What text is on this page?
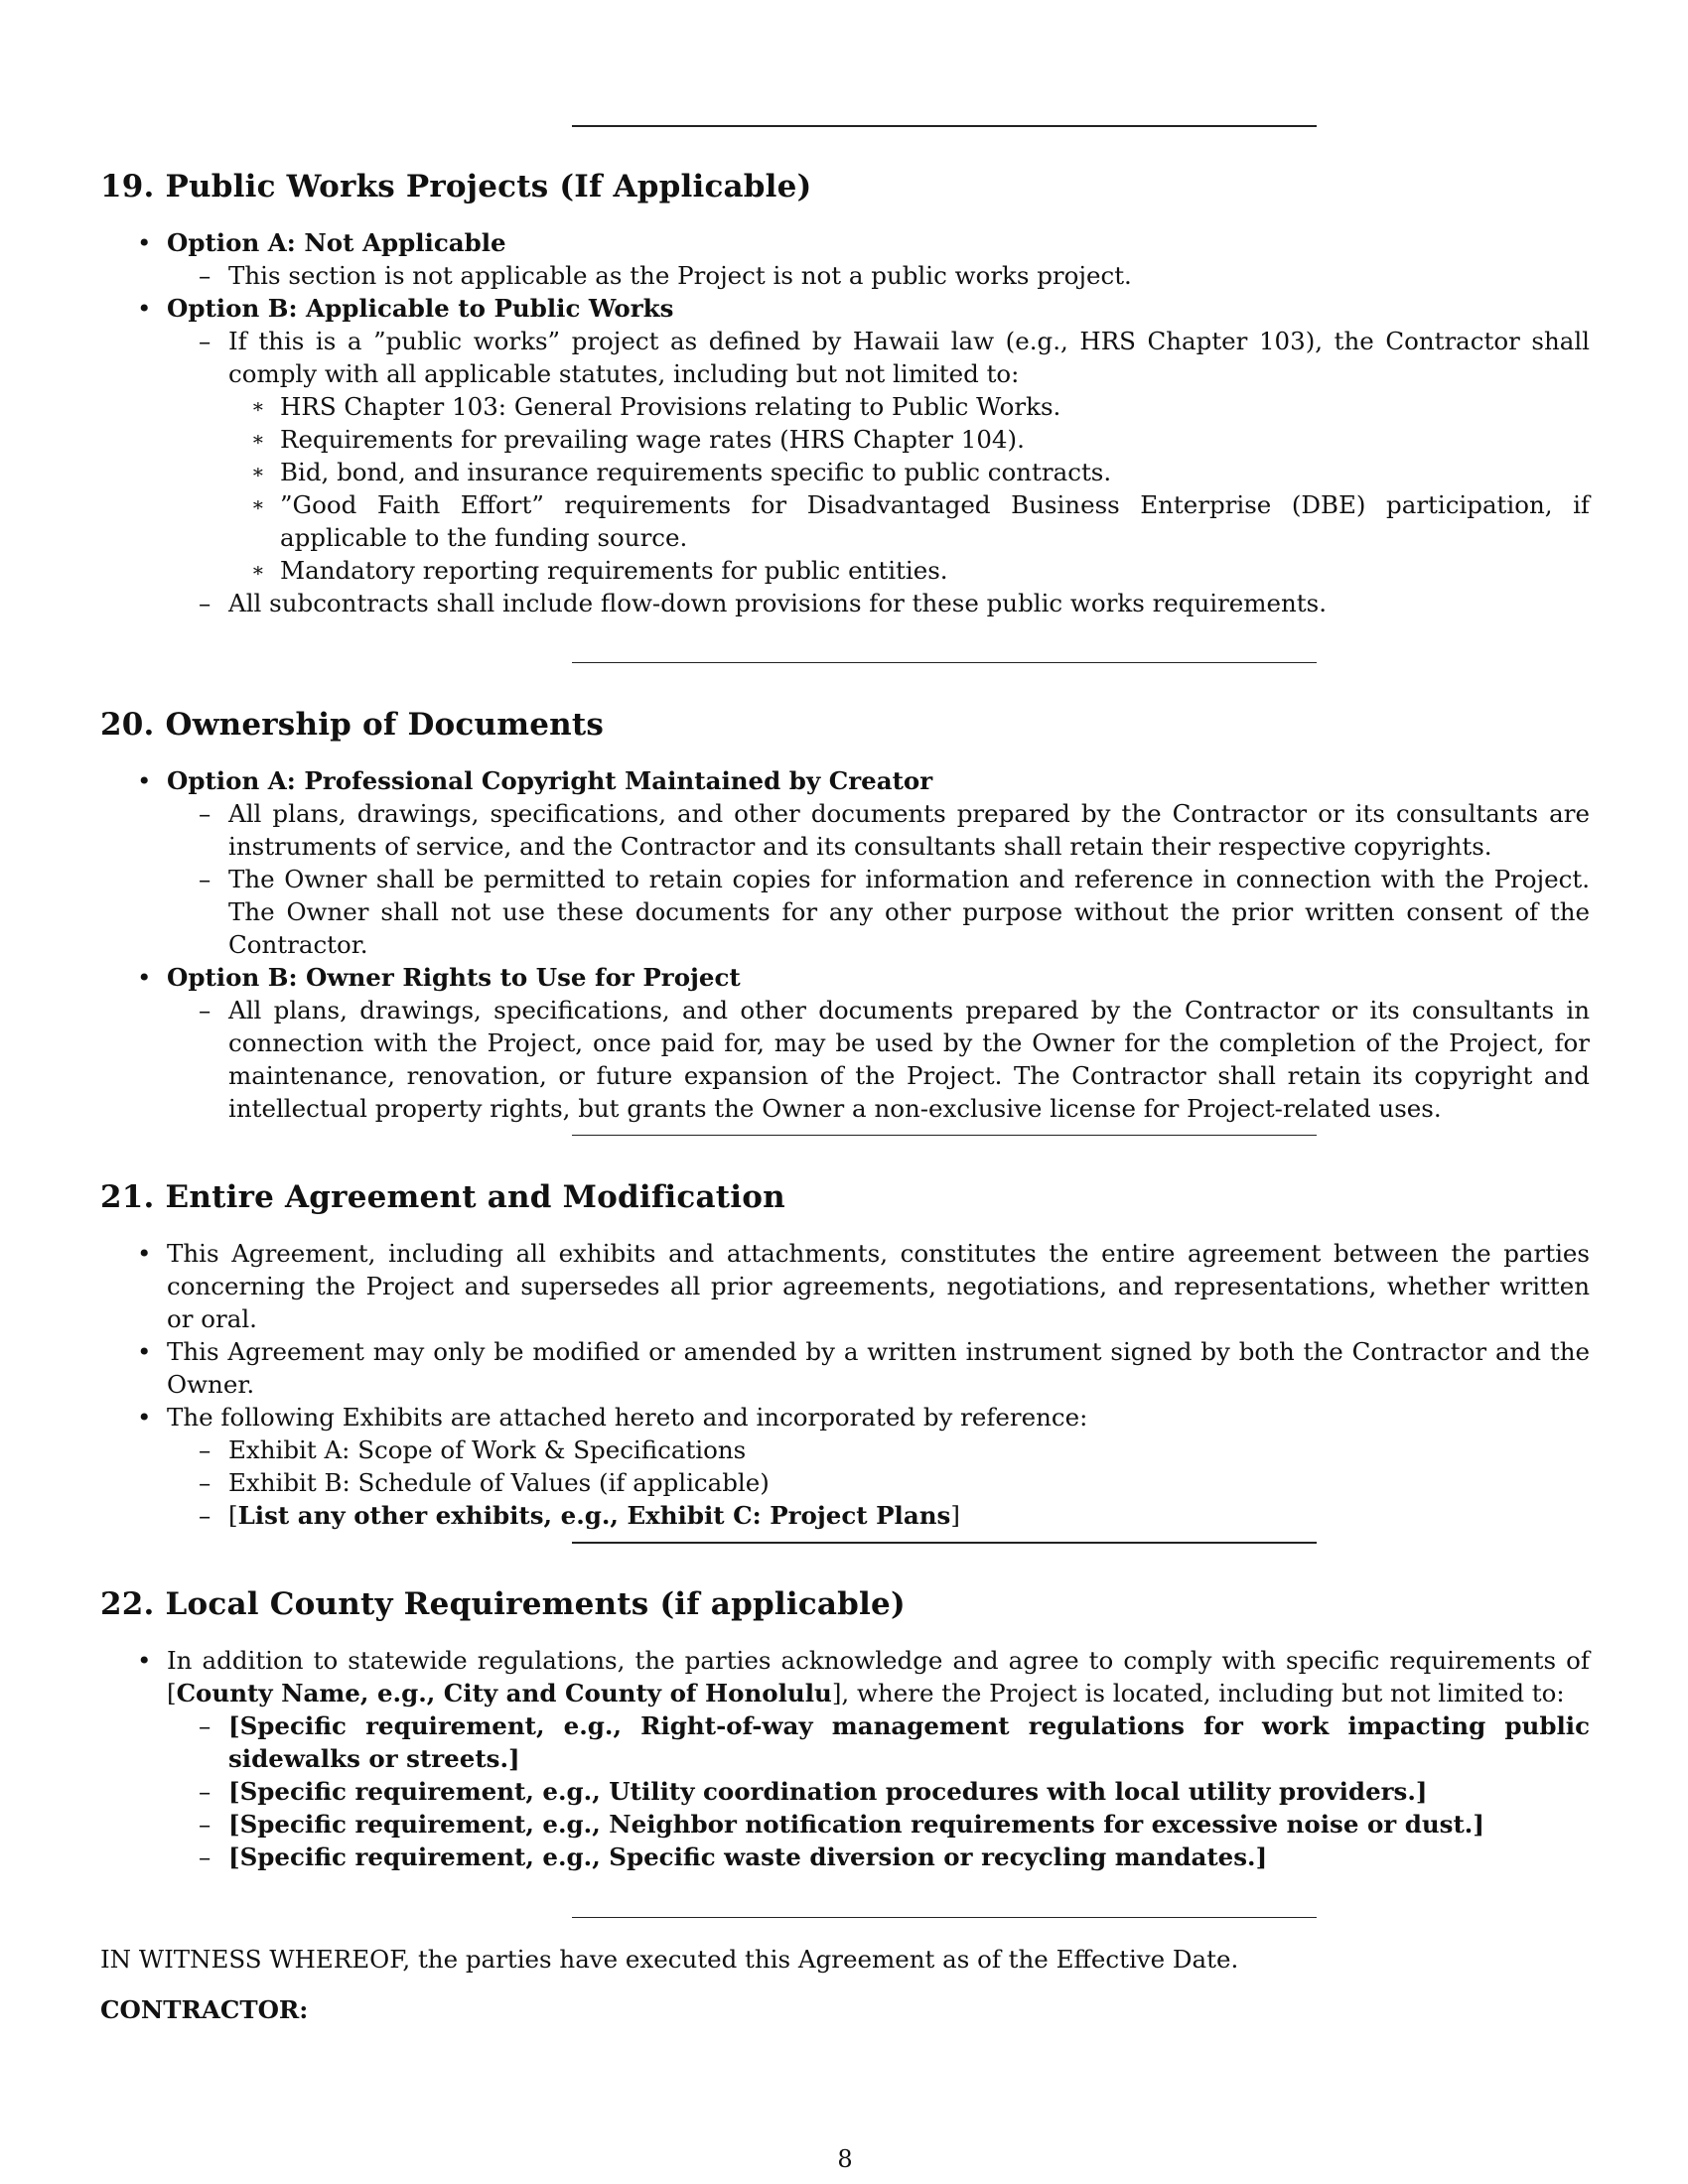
19. Public Works Projects (If Applicable)
• Option A: Not Applicable
– This section is not applicable as the Project is not a public works project.
• Option B: Applicable to Public Works
– If this is a ”public works” project as defined by Hawaii law (e.g., HRS Chapter 103), the Contractor shall comply with all applicable statutes, including but not limited to:
∗ HRS Chapter 103: General Provisions relating to Public Works.
∗ Requirements for prevailing wage rates (HRS Chapter 104).
∗ Bid, bond, and insurance requirements specific to public contracts.
∗ ”Good Faith Effort” requirements for Disadvantaged Business Enterprise (DBE) participation, if applicable to the funding source.
∗ Mandatory reporting requirements for public entities.
– All subcontracts shall include flow-down provisions for these public works requirements.
20. Ownership of Documents
• Option A: Professional Copyright Maintained by Creator
– All plans, drawings, specifications, and other documents prepared by the Contractor or its consultants are instruments of service, and the Contractor and its consultants shall retain their respective copyrights.
– The Owner shall be permitted to retain copies for information and reference in connection with the Project. The Owner shall not use these documents for any other purpose without the prior written consent of the Contractor.
• Option B: Owner Rights to Use for Project
– All plans, drawings, specifications, and other documents prepared by the Contractor or its consultants in connection with the Project, once paid for, may be used by the Owner for the completion of the Project, for maintenance, renovation, or future expansion of the Project. The Contractor shall retain its copyright and intellectual property rights, but grants the Owner a non-exclusive license for Project-related uses.
21. Entire Agreement and Modification
• This Agreement, including all exhibits and attachments, constitutes the entire agreement between the parties concerning the Project and supersedes all prior agreements, negotiations, and representations, whether written or oral.
• This Agreement may only be modified or amended by a written instrument signed by both the Contractor and the Owner.
• The following Exhibits are attached hereto and incorporated by reference:
– Exhibit A: Scope of Work & Specifications
– Exhibit B: Schedule of Values (if applicable)
– [List any other exhibits, e.g., Exhibit C: Project Plans]
22. Local County Requirements (if applicable)
• In addition to statewide regulations, the parties acknowledge and agree to comply with specific requirements of [County Name, e.g., City and County of Honolulu], where the Project is located, including but not limited to:
– [Specific requirement, e.g., Right-of-way management regulations for work impacting public sidewalks or streets.]
– [Specific requirement, e.g., Utility coordination procedures with local utility providers.]
– [Specific requirement, e.g., Neighbor notification requirements for excessive noise or dust.]
– [Specific requirement, e.g., Specific waste diversion or recycling mandates.]
IN WITNESS WHEREOF, the parties have executed this Agreement as of the Effective Date.
CONTRACTOR:
8
